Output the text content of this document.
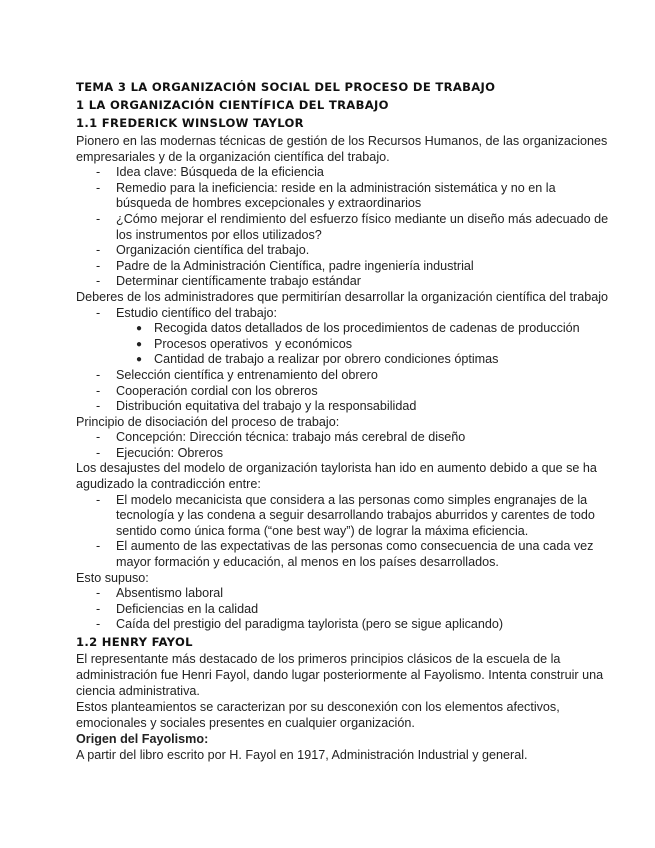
TEMA 3 LA ORGANIZACIÓN SOCIAL DEL PROCESO DE TRABAJO
1 LA ORGANIZACIÓN CIENTÍFICA DEL TRABAJO
1.1 FREDERICK WINSLOW TAYLOR
Pionero en las modernas técnicas de gestión de los Recursos Humanos, de las organizaciones
empresariales y de la organización científica del trabajo.
- Idea clave: Búsqueda de la eficiencia
- Remedio para la ineficiencia: reside en la administración sistemática y no en la
búsqueda de hombres excepcionales y extraordinarios
- ¿Cómo mejorar el rendimiento del esfuerzo físico mediante un diseño más adecuado de
los instrumentos por ellos utilizados?
- Organización científica del trabajo.
- Padre de la Administración Científica, padre ingeniería industrial
- Determinar científicamente trabajo estándar
Deberes de los administradores que permitirían desarrollar la organización científica del trabajo
- Estudio científico del trabajo:
● Recogida datos detallados de los procedimientos de cadenas de producción
● Procesos operativos  y económicos
● Cantidad de trabajo a realizar por obrero condiciones óptimas
- Selección científica y entrenamiento del obrero
- Cooperación cordial con los obreros
- Distribución equitativa del trabajo y la responsabilidad
Principio de disociación del proceso de trabajo:
- Concepción: Dirección técnica: trabajo más cerebral de diseño
- Ejecución: Obreros
Los desajustes del modelo de organización taylorista han ido en aumento debido a que se ha
agudizado la contradicción entre:
- El modelo mecanicista que considera a las personas como simples engranajes de la
tecnología y las condena a seguir desarrollando trabajos aburridos y carentes de todo
sentido como única forma (“one best way”) de lograr la máxima eficiencia.
- El aumento de las expectativas de las personas como consecuencia de una cada vez
mayor formación y educación, al menos en los países desarrollados.
Esto supuso:
- Absentismo laboral
- Deficiencias en la calidad
- Caída del prestigio del paradigma taylorista (pero se sigue aplicando)
1.2 HENRY FAYOL
El representante más destacado de los primeros principios clásicos de la escuela de la
administración fue Henri Fayol, dando lugar posteriormente al Fayolismo. Intenta construir una
ciencia administrativa.
Estos planteamientos se caracterizan por su desconexión con los elementos afectivos,
emocionales y sociales presentes en cualquier organización.
Origen del Fayolismo:
A partir del libro escrito por H. Fayol en 1917, Administración Industrial y general.
